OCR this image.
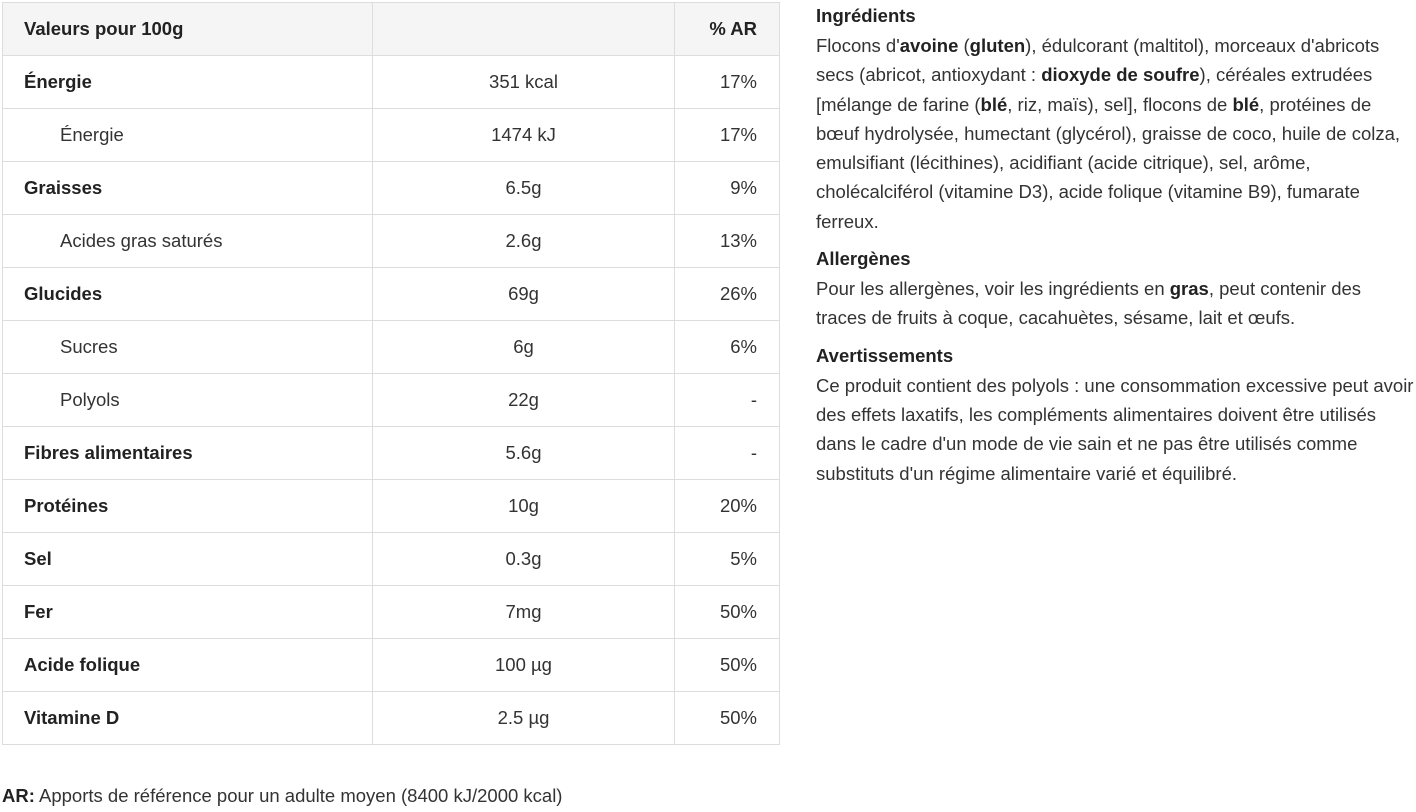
Valeurs pour 100g		% AR
Énergie	351 kcal	17%
Énergie	1474 kJ	17%
Graisses	6.5g	9%
Acides gras saturés	2.6g	13%
Glucides	69g	26%
Sucres	6g	6%
Polyols	22g	-
Fibres alimentaires	5.6g	-
Protéines	10g	20%
Sel	0.3g	5%
Fer	7mg	50%
Acide folique	100 µg	50%
Vitamine D	2.5 µg	50%
AR: Apports de référence pour un adulte moyen (8400 kJ/2000 kcal)
Ingrédients

Flocons d'avoine (gluten), édulcorant (maltitol), morceaux d'abricots secs (abricot, antioxydant : dioxyde de soufre), céréales extrudées [mélange de farine (blé, riz, maïs), sel], flocons de blé, protéines de bœuf hydrolysée, humectant (glycérol), graisse de coco, huile de colza, emulsifiant (lécithines), acidifiant (acide citrique), sel, arôme, cholécalciférol (vitamine D3), acide folique (vitamine B9), fumarate ferreux.

Allergènes

Pour les allergènes, voir les ingrédients en gras, peut contenir des traces de fruits à coque, cacahuètes, sésame, lait et œufs.

Avertissements

Ce produit contient des polyols : une consommation excessive peut avoir des effets laxatifs, les compléments alimentaires doivent être utilisés dans le cadre d'un mode de vie sain et ne pas être utilisés comme substituts d'un régime alimentaire varié et équilibré.
